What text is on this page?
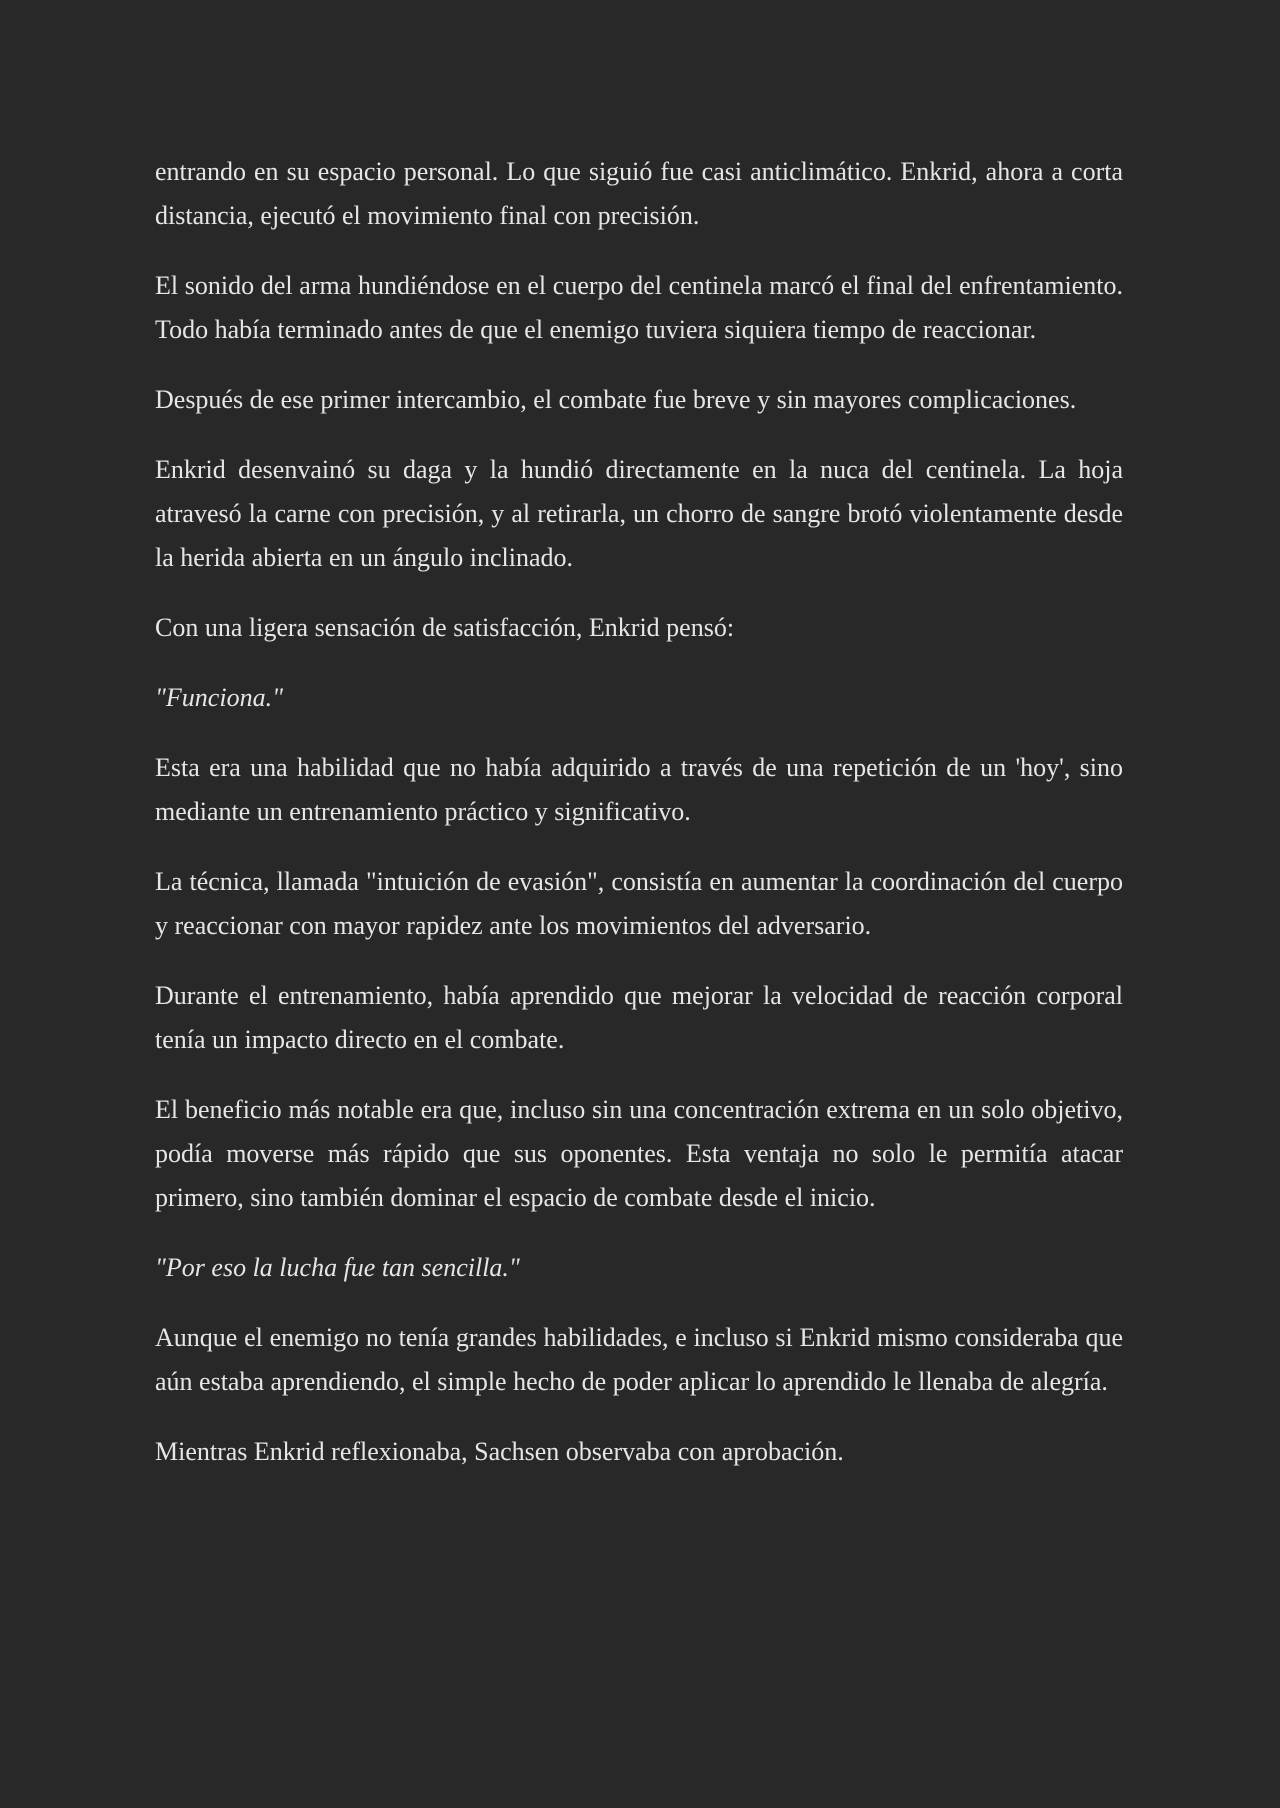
entrando en su espacio personal. Lo que siguió fue casi anticlimático. Enkrid, ahora a corta distancia, ejecutó el movimiento final con precisión.

El sonido del arma hundiéndose en el cuerpo del centinela marcó el final del enfrentamiento. Todo había terminado antes de que el enemigo tuviera siquiera tiempo de reaccionar.

Después de ese primer intercambio, el combate fue breve y sin mayores complicaciones.

Enkrid desenvainó su daga y la hundió directamente en la nuca del centinela. La hoja atravesó la carne con precisión, y al retirarla, un chorro de sangre brotó violentamente desde la herida abierta en un ángulo inclinado.

Con una ligera sensación de satisfacción, Enkrid pensó:

"Funciona."

Esta era una habilidad que no había adquirido a través de una repetición de un 'hoy', sino mediante un entrenamiento práctico y significativo.

La técnica, llamada "intuición de evasión", consistía en aumentar la coordinación del cuerpo y reaccionar con mayor rapidez ante los movimientos del adversario.

Durante el entrenamiento, había aprendido que mejorar la velocidad de reacción corporal tenía un impacto directo en el combate.

El beneficio más notable era que, incluso sin una concentración extrema en un solo objetivo, podía moverse más rápido que sus oponentes. Esta ventaja no solo le permitía atacar primero, sino también dominar el espacio de combate desde el inicio.

"Por eso la lucha fue tan sencilla."

Aunque el enemigo no tenía grandes habilidades, e incluso si Enkrid mismo consideraba que aún estaba aprendiendo, el simple hecho de poder aplicar lo aprendido le llenaba de alegría.

Mientras Enkrid reflexionaba, Sachsen observaba con aprobación.
